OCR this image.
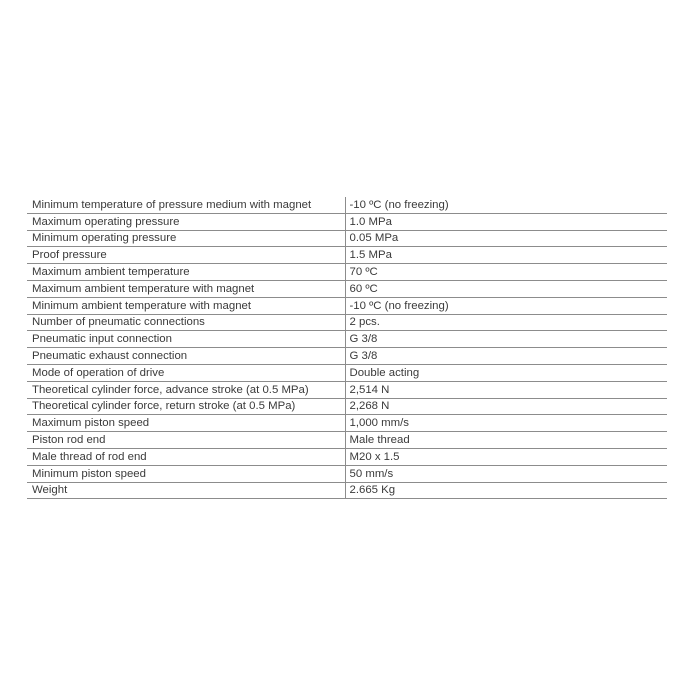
Minimum temperature of pressure medium with magnet	-10 ºC (no freezing)
Maximum operating pressure	1.0 MPa
Minimum operating pressure	0.05 MPa
Proof pressure	1.5 MPa
Maximum ambient temperature	70 ºC
Maximum ambient temperature with magnet	60 ºC
Minimum ambient temperature with magnet	-10 ºC (no freezing)
Number of pneumatic connections	2 pcs.
Pneumatic input connection	G 3/8
Pneumatic exhaust connection	G 3/8
Mode of operation of drive	Double acting
Theoretical cylinder force, advance stroke (at 0.5 MPa)	2,514 N
Theoretical cylinder force, return stroke (at 0.5 MPa)	2,268 N
Maximum piston speed	1,000 mm/s
Piston rod end	Male thread
Male thread of rod end	M20 x 1.5
Minimum piston speed	50 mm/s
Weight	2.665 Kg
